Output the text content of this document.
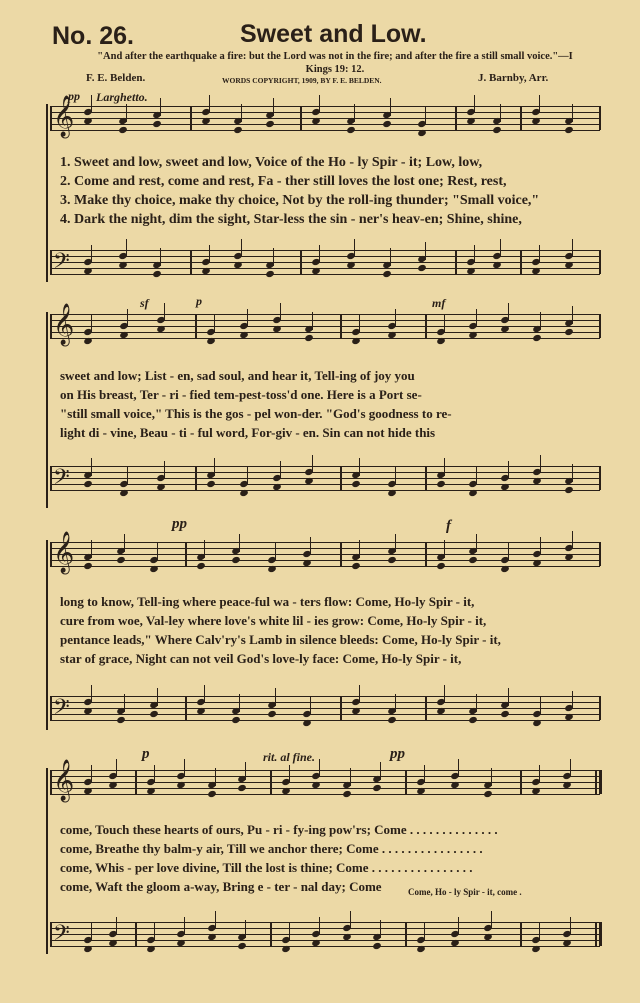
No. 26.	Sweet and Low.
"And after the earthquake a fire: but the Lord was not in the fire; and after the fire a still small voice."—I Kings 19: 12.
F. E. Belden.	WORDS COPYRIGHT, 1909, BY F. E. BELDEN.	J. Barnby, Arr.
pp Larghetto.
𝄞
1. Sweet and low, sweet and low, Voice of the Ho - ly Spir - it; Low, low,
2. Come and rest, come and rest, Fa - ther still loves the lost one; Rest, rest,
3. Make thy choice, make thy choice, Not by the roll-ing thunder; "Small voice,"
4. Dark the night, dim the sight, Star-less the sin - ner's heav-en; Shine, shine,
𝄢
sf	p	mf
𝄞
sweet and low; List - en, sad soul, and hear it, Tell-ing of joy you
on His breast, Ter - ri - fied tem-pest-toss'd one. Here is a Port se-
"still small voice," This is the gos - pel won-der. "God's goodness to re-
light di - vine, Beau - ti - ful word, For-giv - en. Sin can not hide this
𝄢
pp	f
𝄞
long to know, Tell-ing where peace-ful wa - ters flow: Come, Ho-ly Spir - it,
cure from woe, Val-ley where love's white lil - ies grow: Come, Ho-ly Spir - it,
pentance leads," Where Calv'ry's Lamb in silence bleeds: Come, Ho-ly Spir - it,
star of grace, Night can not veil God's love-ly face: Come, Ho-ly Spir - it,
𝄢
p	rit. al fine.	pp
𝄞
come, Touch these hearts of ours, Pu - ri - fy-ing pow'rs; Come . . . . . . . . . . . . . .
come, Breathe thy balm-y air, Till we anchor there; Come . . . . . . . . . . . . . . . .
come, Whis - per love divine, Till the lost is thine; Come . . . . . . . . . . . . . . . .
come, Waft the gloom a-way, Bring e - ter - nal day; Come	Come, Ho - ly Spir - it, come .
𝄢
